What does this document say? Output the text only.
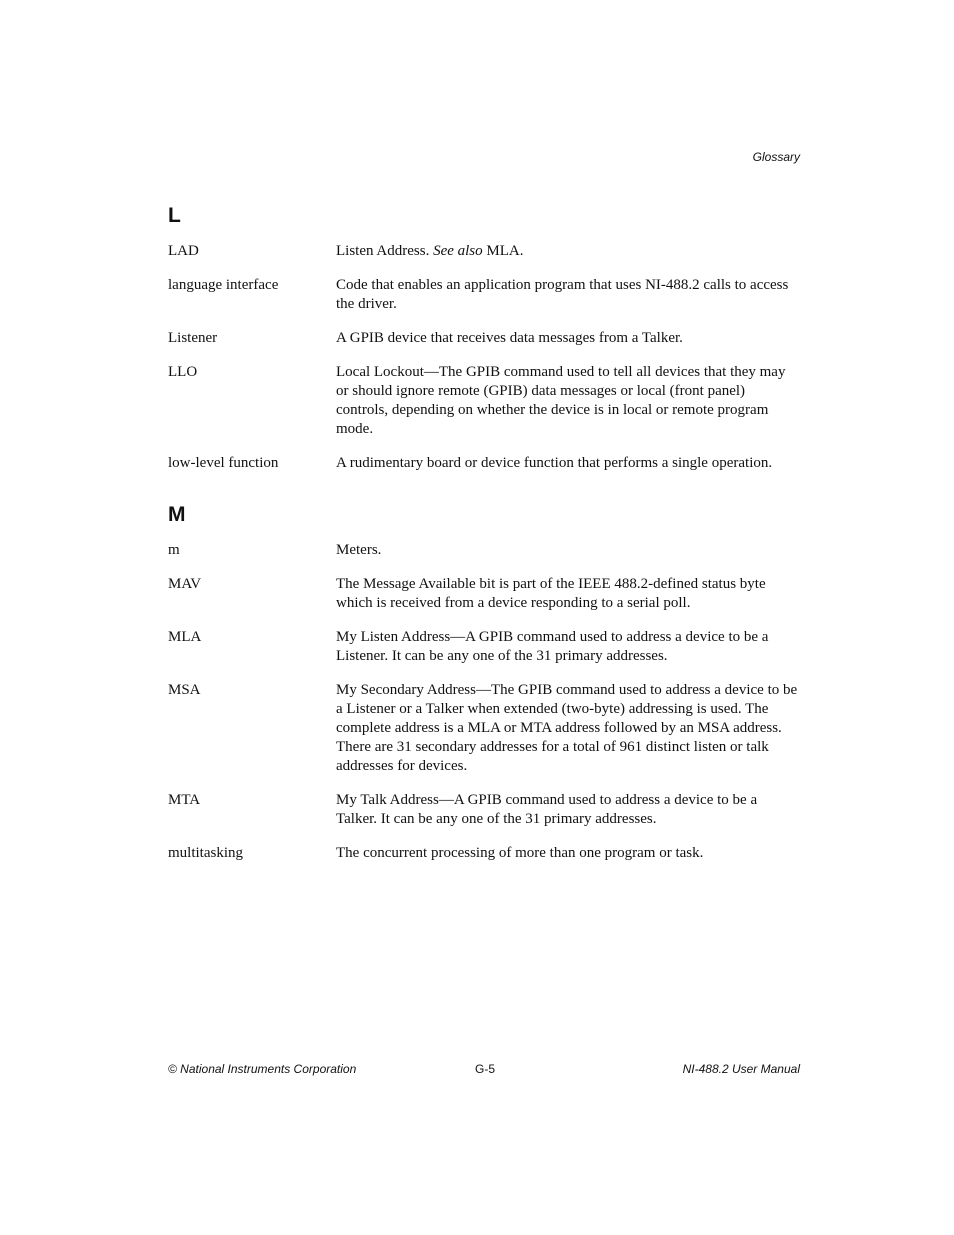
Glossary
L
LAD	Listen Address. See also MLA.
language interface	Code that enables an application program that uses NI-488.2 calls to access the driver.
Listener	A GPIB device that receives data messages from a Talker.
LLO	Local Lockout—The GPIB command used to tell all devices that they may or should ignore remote (GPIB) data messages or local (front panel) controls, depending on whether the device is in local or remote program mode.
low-level function	A rudimentary board or device function that performs a single operation.
M
m	Meters.
MAV	The Message Available bit is part of the IEEE 488.2-defined status byte which is received from a device responding to a serial poll.
MLA	My Listen Address—A GPIB command used to address a device to be a Listener. It can be any one of the 31 primary addresses.
MSA	My Secondary Address—The GPIB command used to address a device to be a Listener or a Talker when extended (two-byte) addressing is used. The complete address is a MLA or MTA address followed by an MSA address. There are 31 secondary addresses for a total of 961 distinct listen or talk addresses for devices.
MTA	My Talk Address—A GPIB command used to address a device to be a Talker. It can be any one of the 31 primary addresses.
multitasking	The concurrent processing of more than one program or task.
© National Instruments Corporation	G-5	NI-488.2 User Manual
